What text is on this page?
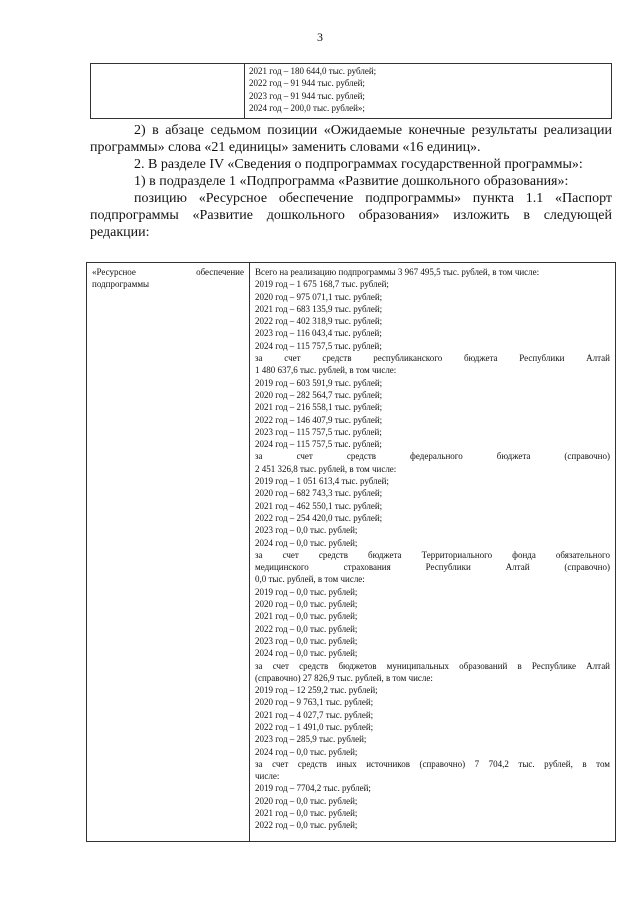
3
2021 год – 180 644,0 тыс. рублей;
2022 год – 91 944 тыс. рублей;
2023 год – 91 944 тыс. рублей;
2024 год – 200,0 тыс. рублей»;

2) в абзаце седьмом позиции «Ожидаемые конечные результаты реализации программы» слова «21 единицы» заменить словами «16 единиц».

2. В разделе IV «Сведения о подпрограммах государственной программы»:

1) в подразделе 1 «Подпрограмма «Развитие дошкольного образования»:

позицию «Ресурсное обеспечение подпрограммы» пункта 1.1 «Паспорт подпрограммы «Развитие дошкольного образования» изложить в следующей редакции:

«Ресурсное	обеспечение
подпрограммы
Всего на реализацию подпрограммы 3 967 495,5 тыс. рублей, в том числе:
2019 год – 1 675 168,7 тыс. рублей;
2020 год – 975 071,1 тыс. рублей;
2021 год – 683 135,9 тыс. рублей;
2022 год – 402 318,9 тыс. рублей;
2023 год – 116 043,4 тыс. рублей;
2024 год – 115 757,5 тыс. рублей;
за счет средств республиканского бюджета Республики Алтай
1 480 637,6 тыс. рублей, в том числе:
2019 год – 603 591,9 тыс. рублей;
2020 год – 282 564,7 тыс. рублей;
2021 год – 216 558,1 тыс. рублей;
2022 год – 146 407,9 тыс. рублей;
2023 год – 115 757,5 тыс. рублей;
2024 год – 115 757,5 тыс. рублей;
за счет средств федерального бюджета (справочно)
2 451 326,8 тыс. рублей, в том числе:
2019 год – 1 051 613,4 тыс. рублей;
2020 год – 682 743,3 тыс. рублей;
2021 год – 462 550,1 тыс. рублей;
2022 год – 254 420,0 тыс. рублей;
2023 год – 0,0 тыс. рублей;
2024 год – 0,0 тыс. рублей;
за счет средств бюджета Территориального фонда обязательного
медицинского страхования Республики Алтай (справочно)
0,0 тыс. рублей, в том числе:
2019 год – 0,0 тыс. рублей;
2020 год – 0,0 тыс. рублей;
2021 год – 0,0 тыс. рублей;
2022 год – 0,0 тыс. рублей;
2023 год – 0,0 тыс. рублей;
2024 год – 0,0 тыс. рублей;
за счет средств бюджетов муниципальных образований в Республике Алтай
(справочно) 27 826,9 тыс. рублей, в том числе:
2019 год – 12 259,2 тыс. рублей;
2020 год – 9 763,1 тыс. рублей;
2021 год – 4 027,7 тыс. рублей;
2022 год – 1 491,0 тыс. рублей;
2023 год – 285,9 тыс. рублей;
2024 год – 0,0 тыс. рублей;
за счет средств иных источников (справочно) 7 704,2 тыс. рублей, в том
числе:
2019 год – 7704,2 тыс. рублей;
2020 год – 0,0 тыс. рублей;
2021 год – 0,0 тыс. рублей;
2022 год – 0,0 тыс. рублей;
